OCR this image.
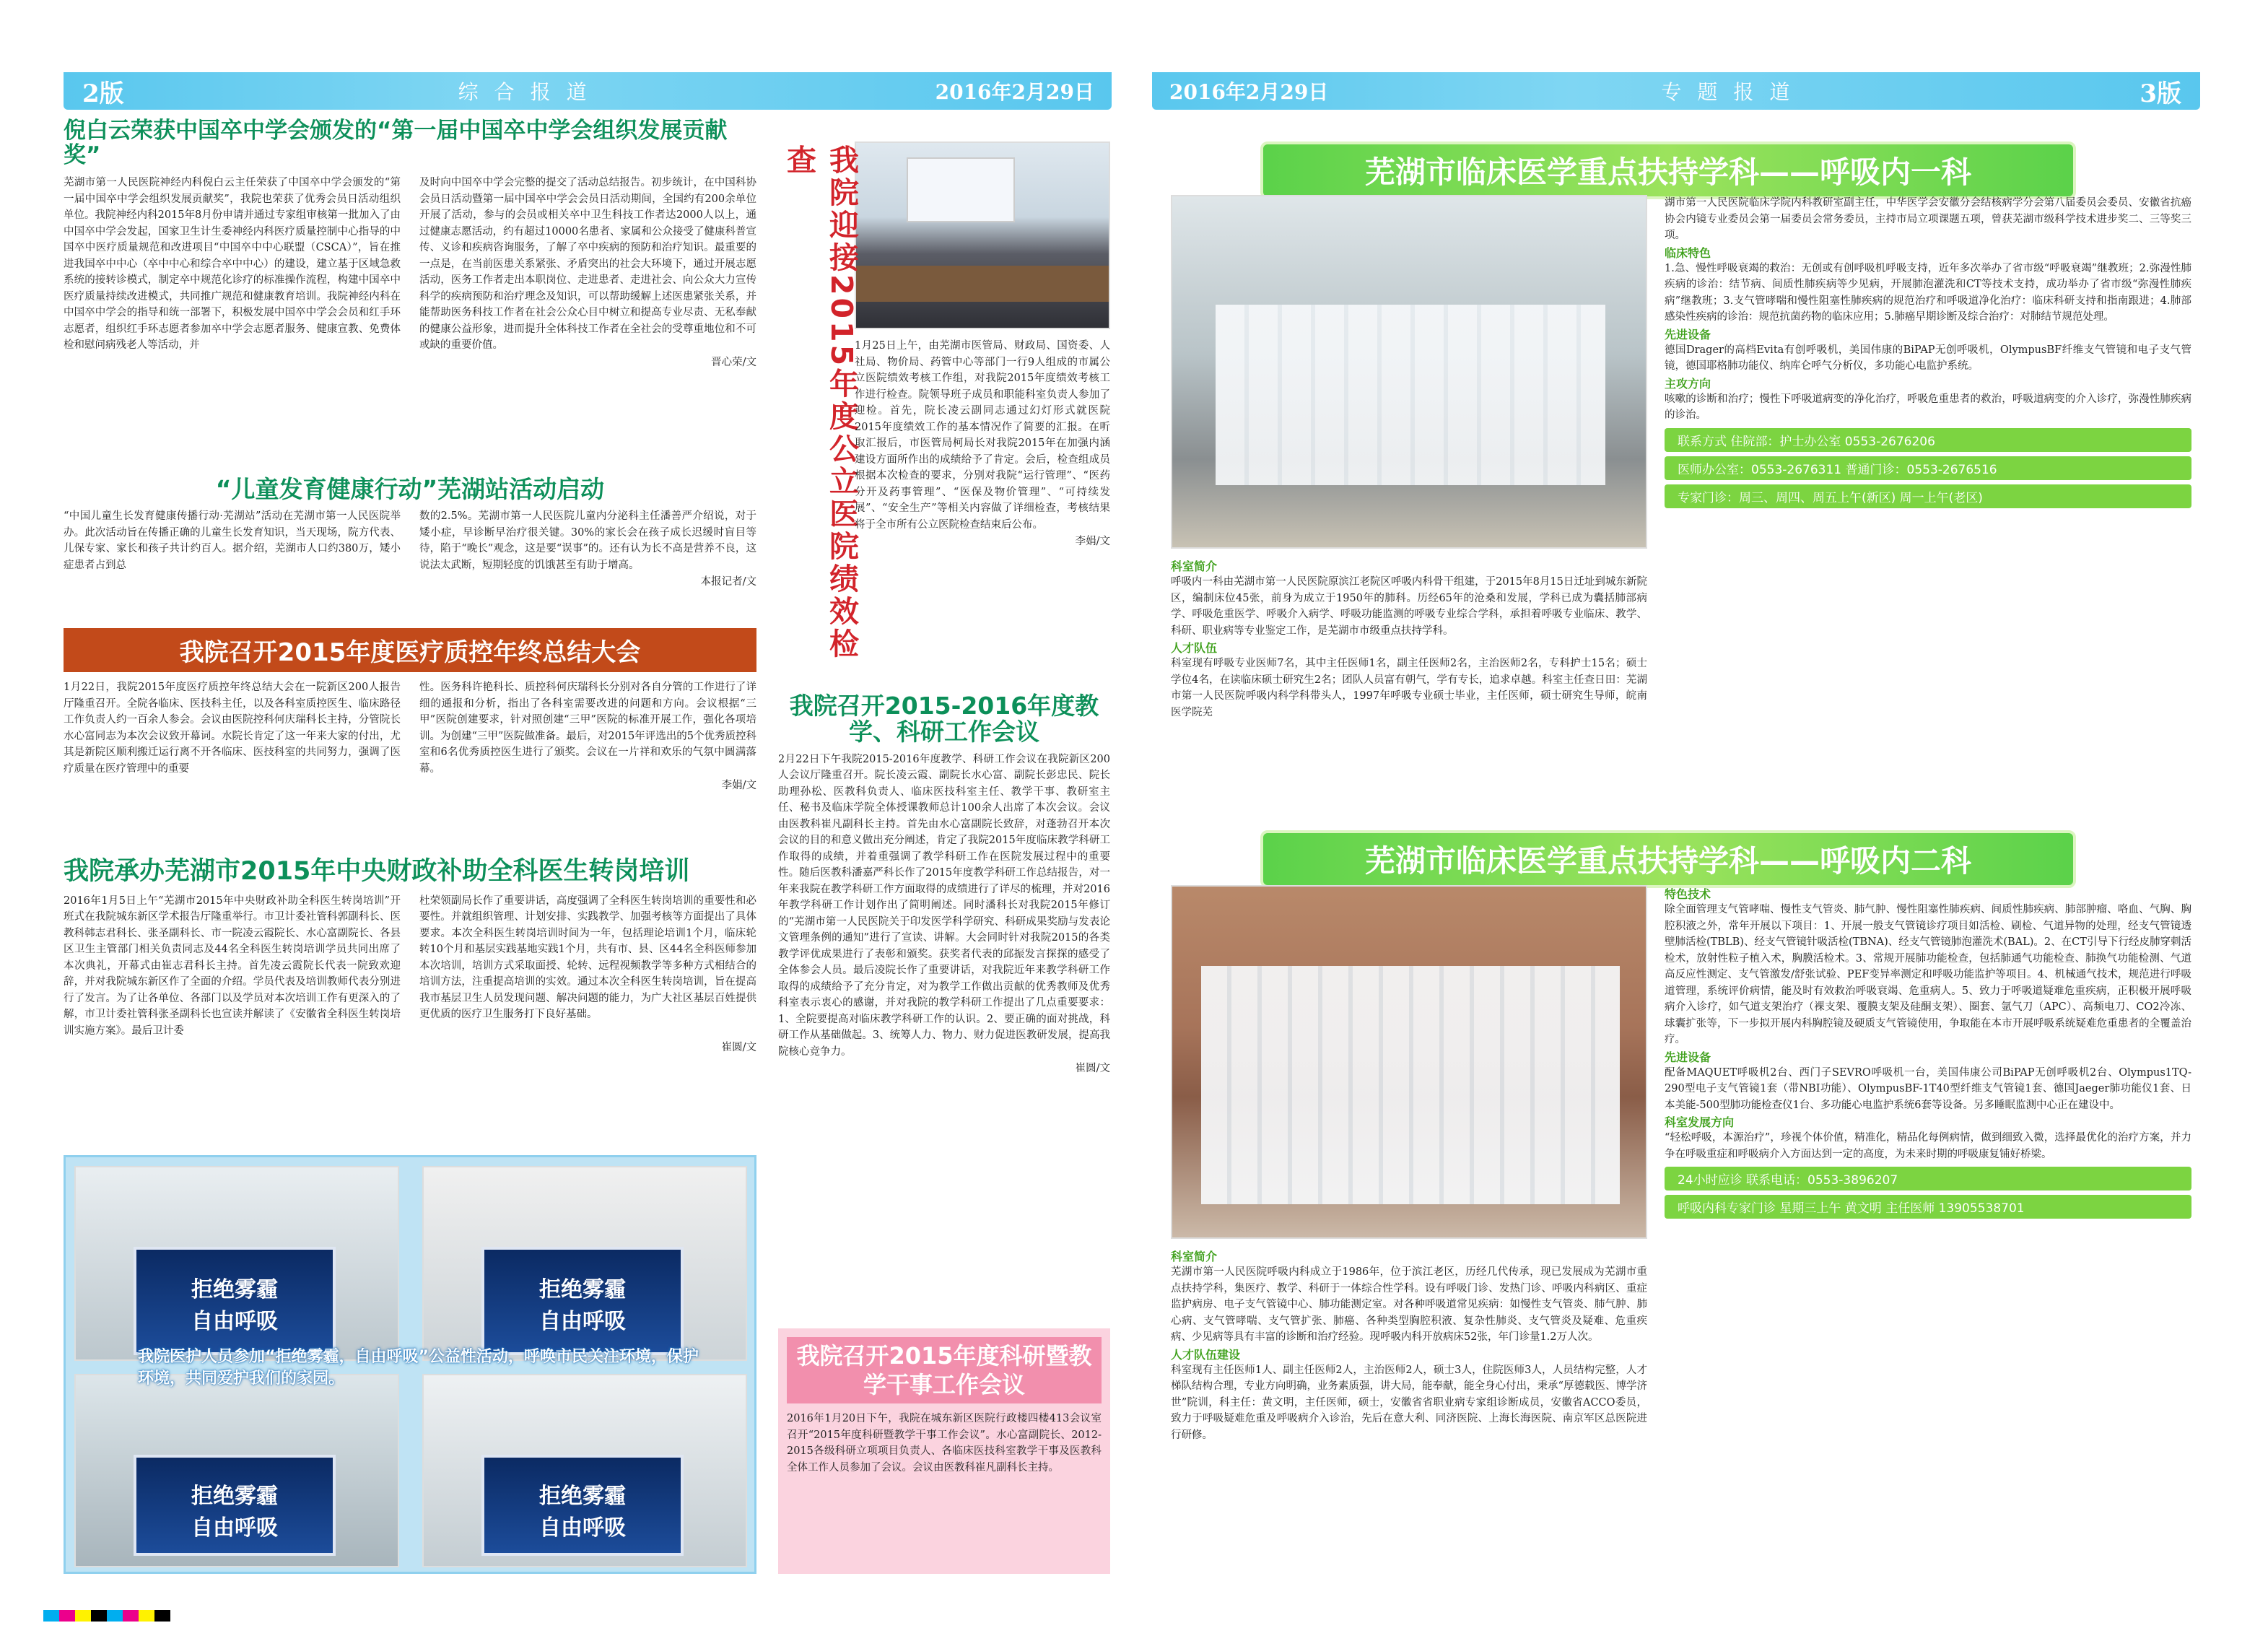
2版	综合报道	2016年2月29日
倪白云荣获中国卒中学会颁发的“第一届中国卒中学会组织发展贡献奖”
芜湖市第一人民医院神经内科倪白云主任荣获了中国卒中学会颁发的“第一届中国卒中学会组织发展贡献奖”，我院也荣获了优秀会员日活动组织单位。我院神经内科2015年8月份申请并通过专家组审核第一批加入了由中国卒中学会发起，国家卫生计生委神经内科医疗质量控制中心指导的中国卒中医疗质量规范和改进项目“中国卒中中心联盟（CSCA）”，旨在推进我国卒中中心（卒中中心和综合卒中中心）的建设，建立基于区域急救系统的接转诊模式，制定卒中规范化诊疗的标准操作流程，构建中国卒中医疗质量持续改进模式，共同推广规范和健康教育培训。我院神经内科在中国卒中学会的指导和统一部署下，积极发展中国卒中学会会员和红手环志愿者，组织红手环志愿者参加卒中学会志愿者服务、健康宣教、免费体检和慰问病残老人等活动，并
及时向中国卒中学会完整的提交了活动总结报告。初步统计，在中国科协会员日活动暨第一届中国卒中学会会员日活动期间，全国约有200余单位开展了活动，参与的会员或相关卒中卫生科技工作者达2000人以上，通过健康志愿活动，约有超过10000名患者、家属和公众接受了健康科普宣传、义诊和疾病咨询服务，了解了卒中疾病的预防和治疗知识。最重要的一点是，在当前医患关系紧张、矛盾突出的社会大环境下，通过开展志愿活动，医务工作者走出本职岗位、走进患者、走进社会、向公众大力宣传科学的疾病预防和治疗理念及知识，可以帮助缓解上述医患紧张关系，并能帮助医务科技工作者在社会公众心目中树立和提高专业尽责、无私奉献的健康公益形象，进而提升全体科技工作者在全社会的受尊重地位和不可或缺的重要价值。
晋心荣/文
“儿童发育健康行动”芜湖站活动启动
“中国儿童生长发育健康传播行动·芜湖站”活动在芜湖市第一人民医院举办。此次活动旨在传播正确的儿童生长发育知识，当天现场，院方代表、儿保专家、家长和孩子共计约百人。据介绍，芜湖市人口约380万，矮小症患者占到总
数的2.5%。芜湖市第一人民医院儿童内分泌科主任潘善严介绍说，对于矮小症，早诊断早治疗很关键。30%的家长会在孩子成长迟缓时盲目等待，陷于“晚长”观念，这是要“误事”的。还有认为长不高是营养不良，这说法太武断，短期轻度的饥饿甚至有助于增高。
本报记者/文
我院召开2015年度医疗质控年终总结大会
1月22日，我院2015年度医疗质控年终总结大会在一院新区200人报告厅隆重召开。全院各临床、医技科主任，以及各科室质控医生、临床路径工作负责人约一百余人参会。会议由医院控科何庆瑞科长主持，分管院长水心富同志为本次会议致开幕词。水院长肯定了这一年来大家的付出，尤其是新院区顺利搬迁运行离不开各临床、医技科室的共同努力，强调了医疗质量在医疗管理中的重要
性。医务科许艳科长、质控科何庆瑞科长分别对各自分管的工作进行了详细的通报和分析，指出了各科室需要改进的问题和方向。会议根据“三甲”医院创建要求，针对照创建“三甲”医院的标准开展工作，强化各项培训。为创建“三甲”医院做准备。最后，对2015年评选出的5个优秀质控科室和6名优秀质控医生进行了颁奖。会议在一片祥和欢乐的气氛中圆满落幕。
李娟/文
我院承办芜湖市2015年中央财政补助全科医生转岗培训
2016年1月5日上午“芜湖市2015年中央财政补助全科医生转岗培训”开班式在我院城东新区学术报告厅隆重举行。市卫计委社管科郭副科长、医教科韩志君科长、张圣副科长、市一院凌云霞院长、水心富副院长、各县区卫生主管部门相关负责同志及44名全科医生转岗培训学员共同出席了本次典礼，开幕式由崔志君科长主持。首先凌云霞院长代表一院致欢迎辞，并对我院城东新区作了全面的介绍。学员代表及培训教师代表分别进行了发言。为了让各单位、各部门以及学员对本次培训工作有更深入的了解，市卫计委社管科张圣副科长也宣读并解读了《安徽省全科医生转岗培训实施方案》。最后卫计委
杜荣领副局长作了重要讲话，高度强调了全科医生转岗培训的重要性和必要性。并就组织管理、计划安排、实践教学、加强考核等方面提出了具体要求。本次全科医生转岗培训时间为一年，包括理论培训1个月，临床轮转10个月和基层实践基地实践1个月，共有市、县、区44名全科医师参加本次培训，培训方式采取面授、轮转、远程视频教学等多种方式相结合的培训方法，注重提高培训的实效。通过本次全科医生转岗培训，旨在提高我市基层卫生人员发现问题、解决问题的能力，为广大社区基层百姓提供更优质的医疗卫生服务打下良好基础。
崔圆/文
我院迎接2015年度公立医院绩效检查
1月25日上午，由芜湖市医管局、财政局、国资委、人社局、物价局、药管中心等部门一行9人组成的市属公立医院绩效考核工作组，对我院2015年度绩效考核工作进行检查。院领导班子成员和职能科室负责人参加了迎检。首先，院长凌云副同志通过幻灯形式就医院2015年度绩效工作的基本情况作了简要的汇报。在听取汇报后，市医管局柯局长对我院2015年在加强内涵建设方面所作出的成绩给予了肯定。会后，检查组成员根据本次检查的要求，分别对我院“运行管理”、“医药分开及药事管理”、“医保及物价管理”、“可持续发展”、“安全生产”等相关内容做了详细检查，考核结果将于全市所有公立医院检查结束后公布。
李娟/文
我院召开2015-2016年度教学、科研工作会议
2月22日下午我院2015-2016年度教学、科研工作会议在我院新区200人会议厅隆重召开。院长凌云霞、副院长水心富、副院长彭忠民、院长助理孙松、医教科负责人、临床医技科室主任、教学干事、教研室主任、秘书及临床学院全体授课教师总计100余人出席了本次会议。会议由医教科崔凡副科长主持。首先由水心富副院长致辞，对蓬勃召开本次会议的目的和意义做出充分阐述，肯定了我院2015年度临床教学科研工作取得的成绩，并着重强调了教学科研工作在医院发展过程中的重要性。随后医教科潘嘉严科长作了2015年度教学科研工作总结报告，对一年来我院在教学科研工作方面取得的成绩进行了详尽的梳理，并对2016年教学科研工作计划作出了简明阐述。同时潘科长对我院2015年修订的“芜湖市第一人民医院关于印发医学科学研究、科研成果奖励与发表论文管理条例的通知”进行了宣读、讲解。大会同时针对我院2015的各类教学评优成果进行了表彰和颁奖。获奖者代表的邱振发言探探的感受了全体参会人员。最后凌院长作了重要讲话，对我院近年来教学科研工作取得的成绩给予了充分肯定，对为教学工作做出贡献的优秀教师及优秀科室表示衷心的感谢，并对我院的教学科研工作提出了几点重要要求：1、全院要提高对临床教学科研工作的认识。2、要正确的面对挑战，科研工作从基础做起。3、统筹人力、物力、财力促进医教研发展，提高我院核心竞争力。
崔圆/文
拒绝雾霾
自由呼吸
拒绝雾霾
自由呼吸
拒绝雾霾
自由呼吸
拒绝雾霾
自由呼吸
我院医护人员参加“拒绝雾霾，自由呼吸”公益性活动，呼唤市民关注环境，保护环境，共同爱护我们的家园。
我院召开2015年度科研暨教学干事工作会议
2016年1月20日下午，我院在城东新区医院行政楼四楼413会议室召开“2015年度科研暨教学干事工作会议”。水心富副院长、2012-2015各级科研立项项目负责人、各临床医技科室教学干事及医教科全体工作人员参加了会议。会议由医教科崔凡副科长主持。
2016年2月29日	专题报道	3版
芜湖市临床医学重点扶持学科——呼吸内一科
湖市第一人民医院临床学院内科教研室副主任，中华医学会安徽分会结核病学分会第八届委员会委员、安徽省抗癌协会内镜专业委员会第一届委员会常务委员，主持市局立项课题五项，曾获芜湖市级科学技术进步奖二、三等奖三项。
临床特色
1.急、慢性呼吸衰竭的救治：无创或有创呼吸机呼吸支持，近年多次举办了省市级“呼吸衰竭”继教班；2.弥漫性肺疾病的诊治：结节病、间质性肺疾病等少见病，开展肺泡灌洗和CT等技术支持，成功举办了省市级“弥漫性肺疾病”继教班；3.支气管哮喘和慢性阻塞性肺疾病的规范治疗和呼吸道净化治疗：临床科研支持和指南跟进；4.肺部感染性疾病的诊治：规范抗菌药物的临床应用；5.肺癌早期诊断及综合治疗：对肺结节规范处理。
先进设备
德国Drager的高档Evita有创呼吸机，美国伟康的BiPAP无创呼吸机，OlympusBF纤维支气管镜和电子支气管镜，德国耶格肺功能仪、纳库仑呼气分析仪，多功能心电监护系统。
主攻方向
咳嗽的诊断和治疗；慢性下呼吸道病变的净化治疗，呼吸危重患者的救治，呼吸道病变的介入诊疗，弥漫性肺疾病的诊治。
联系方式 住院部：护士办公室 0553-2676206
医师办公室：0553-2676311 普通门诊：0553-2676516
专家门诊：周三、周四、周五上午(新区) 周一上午(老区)
科室简介
呼吸内一科由芜湖市第一人民医院原滨江老院区呼吸内科骨干组建，于2015年8月15日迁址到城东新院区，编制床位45张，前身为成立于1950年的肺科。历经65年的沧桑和发展，学科已成为囊括肺部病学、呼吸危重医学、呼吸介入病学、呼吸功能监测的呼吸专业综合学科，承担着呼吸专业临床、教学、科研、职业病等专业鉴定工作，是芜湖市市级重点扶持学科。
人才队伍
科室现有呼吸专业医师7名，其中主任医师1名，副主任医师2名，主治医师2名，专科护士15名；硕士学位4名，在读临床硕士研究生2名；团队人员富有朝气，学有专长，追求卓越。科室主任查日田：芜湖市第一人民医院呼吸内科学科带头人，1997年呼吸专业硕士毕业，主任医师，硕士研究生导师，皖南医学院芜
芜湖市临床医学重点扶持学科——呼吸内二科
特色技术
除全面管理支气管哮喘、慢性支气管炎、肺气肿、慢性阻塞性肺疾病、间质性肺疾病、肺部肿瘤、咯血、气胸、胸腔积液之外，常年开展以下项目：1、开展一般支气管镜诊疗项目如活检、刷检、气道异物的处理，经支气管镜透壁肺活检(TBLB)、经支气管镜针吸活检(TBNA)、经支气管镜肺泡灌洗术(BAL)。2、在CT引导下行经皮肺穿刺活检术，放射性粒子植入术，胸膜活检术。3、常规开展肺功能检查，包括肺通气功能检查、肺换气功能检测、气道高反应性测定、支气管激发/舒张试验、PEF变异率测定和呼吸功能监护等项目。4、机械通气技术，规范进行呼吸道管理，系统评价病情，能及时有效救治呼吸衰竭、危重病人。5、致力于呼吸道疑难危重疾病，正积极开展呼吸病介入诊疗，如气道支架治疗（裸支架、覆膜支架及硅酮支架）、圈套、氩气刀（APC）、高频电刀、CO2冷冻、球囊扩张等，下一步拟开展内科胸腔镜及硬质支气管镜使用，争取能在本市开展呼吸系统疑难危重患者的全覆盖治疗。
先进设备
配备MAQUET呼吸机2台、西门子SEVRO呼吸机一台，美国伟康公司BiPAP无创呼吸机2台、Olympus1TQ-290型电子支气管镜1套（带NBI功能）、OlympusBF-1T40型纤维支气管镜1套、德国Jaeger肺功能仪1套、日本美能-500型肺功能检查仪1台、多功能心电监护系统6套等设备。另多睡眠监测中心正在建设中。
科室发展方向
“轻松呼吸，本源治疗”，珍视个体价值，精准化，精品化每例病情，做到细致入微，选择最优化的治疗方案，并力争在呼吸重症和呼吸病介入方面达到一定的高度，为未来时期的呼吸康复铺好桥梁。
24小时应诊 联系电话：0553-3896207
呼吸内科专家门诊 星期三上午 黄文明 主任医师 13905538701
科室简介
芜湖市第一人民医院呼吸内科成立于1986年，位于滨江老区，历经几代传承，现已发展成为芜湖市重点扶持学科，集医疗、教学、科研于一体综合性学科。设有呼吸门诊、发热门诊、呼吸内科病区、重症监护病房、电子支气管镜中心、肺功能测定室。对各种呼吸道常见疾病：如慢性支气管炎、肺气肿、肺心病、支气管哮喘、支气管扩张、肺癌、各种类型胸腔积液、复杂性肺炎、支气管炎及疑难、危重疾病、少见病等具有丰富的诊断和治疗经验。现呼吸内科开放病床52张，年门诊量1.2万人次。
人才队伍建设
科室现有主任医师1人、副主任医师2人，主治医师2人，硕士3人，住院医师3人，人员结构完整，人才梯队结构合理，专业方向明确，业务素质强，讲大局，能奉献，能全身心付出，秉承“厚德载医、博学济世”院训，科主任：黄文明，主任医师，硕士，安徽省省职业病专家组诊断成员，安徽省ACCO委员，致力于呼吸疑难危重及呼吸病介入诊治，先后在意大利、同济医院、上海长海医院、南京军区总医院进行研修。
